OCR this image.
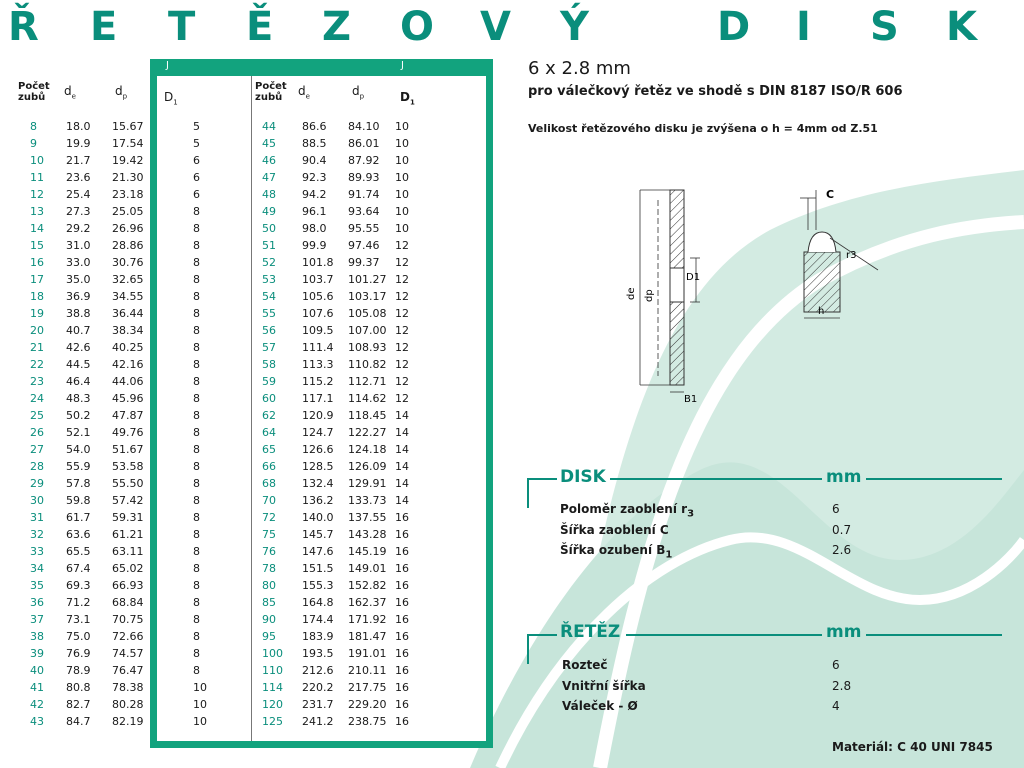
Ř E T Ě Z O V Ý	D I S K
J	J
Počet
zubů	$d_e$	$d_p$	$D_1$
Počet
zubů	$d_e$	$d_p$	$D_1$
8	18.0 15.67	5
9	19.9 17.54	5
10 21.7 19.42	6
11 23.6 21.30	6
12 25.4 23.18	6
13 27.3 25.05	8
14 29.2 26.96	8
15 31.0 28.86	8
16 33.0 30.76	8
17 35.0 32.65	8
18 36.9 34.55	8
19 38.8 36.44	8
20 40.7 38.34	8
21 42.6 40.25	8
22 44.5 42.16	8
23 46.4 44.06	8
24 48.3 45.96	8
25 50.2 47.87	8
26 52.1 49.76	8
27 54.0 51.67	8
28 55.9 53.58	8
29 57.8 55.50	8
30 59.8 57.42	8
31 61.7 59.31	8
32 63.6 61.21	8
33 65.5 63.11	8
34 67.4 65.02	8
35 69.3 66.93	8
36 71.2 68.84	8
37 73.1 70.75	8
38 75.0 72.66	8
39 76.9 74.57	8
40 78.9 76.47	8
41 80.8 78.38	10
42 82.7 80.28	10
43 84.7 82.19	10
44 86.6 84.10 10
45 88.5 86.01 10
46 90.4 87.92 10
47 92.3 89.93 10
48 94.2 91.74 10
49 96.1 93.64 10
50 98.0 95.55 10
51 99.9 97.46 12
52 101.8 99.37 12
53 103.7 101.27 12
54 105.6 103.17 12
55 107.6 105.08 12
56 109.5 107.00 12
57 111.4 108.93 12
58 113.3 110.82 12
59 115.2 112.71 12
60 117.1 114.62 12
62 120.9 118.45 14
64 124.7 122.27 14
65 126.6 124.18 14
66 128.5 126.09 14
68 132.4 129.91 14
70 136.2 133.73 14
72 140.0 137.55 16
75 145.7 143.28 16
76 147.6 145.19 16
78 151.5 149.01 16
80 155.3 152.82 16
85 164.8 162.37 16
90 174.4 171.92 16
95 183.9 181.47 16
100 193.5 191.01 16
110 212.6 210.11 16
114 220.2 217.75 16
120 231.7 229.20 16
125 241.2 238.75 16
6 x 2.8 mm
pro válečkový řetěz ve shodě s DIN 8187 ISO/R 606
Velikost řetězového disku je zvýšena o h = 4mm od Z.51
de dp
D1
B1
C
r3
h
DISK	mm
Poloměr zaoblení $r_3$	6
Šířka zaoblení C	0.7
Šířka ozubení $B_1$	2.6
ŘETĚZ	mm
Rozteč	6
Vnitřní šířka	2.8
Váleček - Ø	4
Materiál: C 40 UNI 7845
